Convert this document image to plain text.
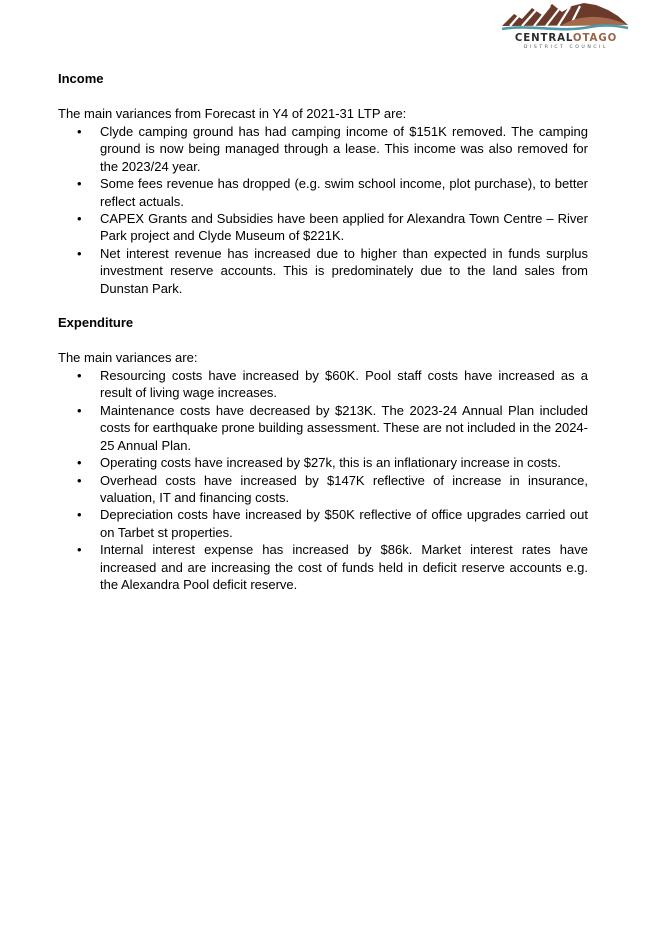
CENTRALOTAGO
DISTRICT COUNCIL

Income

The main variances from Forecast in Y4 of 2021-31 LTP are:

• Clyde camping ground has had camping income of $151K removed. The camping ground is now being managed through a lease. This income was also removed for the 2023/24 year.
• Some fees revenue has dropped (e.g. swim school income, plot purchase), to better reflect actuals.
• CAPEX Grants and Subsidies have been applied for Alexandra Town Centre – River Park project and Clyde Museum of $221K.
• Net interest revenue has increased due to higher than expected in funds surplus investment reserve accounts. This is predominately due to the land sales from Dunstan Park.

Expenditure

The main variances are:

• Resourcing costs have increased by $60K. Pool staff costs have increased as a result of living wage increases.
• Maintenance costs have decreased by $213K. The 2023-24 Annual Plan included costs for earthquake prone building assessment. These are not included in the 2024-25 Annual Plan.
• Operating costs have increased by $27k, this is an inflationary increase in costs.
• Overhead costs have increased by $147K reflective of increase in insurance, valuation, IT and financing costs.
• Depreciation costs have increased by $50K reflective of office upgrades carried out on Tarbet st properties.
• Internal interest expense has increased by $86k. Market interest rates have increased and are increasing the cost of funds held in deficit reserve accounts e.g. the Alexandra Pool deficit reserve.
